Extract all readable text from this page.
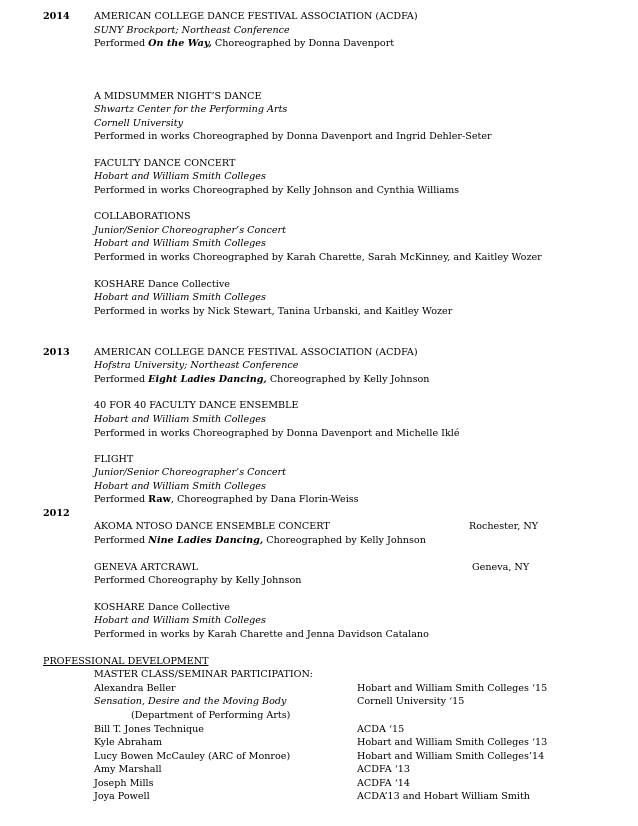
2014	AMERICAN COLLEGE DANCE FESTIVAL ASSOCIATION (ACDFA)
SUNY Brockport; Northeast Conference
Performed On the Way, Choreographed by Donna Davenport
A MIDSUMMER NIGHT’S DANCE
Shwartz Center for the Performing Arts
Cornell University
Performed in works Choreographed by Donna Davenport and Ingrid Dehler-Seter
FACULTY DANCE CONCERT
Hobart and William Smith Colleges
Performed in works Choreographed by Kelly Johnson and Cynthia Williams
COLLABORATIONS
Junior/Senior Choreographer’s Concert
Hobart and William Smith Colleges
Performed in works Choreographed by Karah Charette, Sarah McKinney, and Kaitley Wozer
KOSHARE Dance Collective
Hobart and William Smith Colleges
Performed in works by Nick Stewart, Tanina Urbanski, and Kaitley Wozer
2013	AMERICAN COLLEGE DANCE FESTIVAL ASSOCIATION (ACDFA)
Hofstra University; Northeast Conference
Performed Eight Ladies Dancing, Choreographed by Kelly Johnson
40 FOR 40 FACULTY DANCE ENSEMBLE
Hobart and William Smith Colleges
Performed in works Choreographed by Donna Davenport and Michelle Iklé
FLIGHT
Junior/Senior Choreographer’s Concert
Hobart and William Smith Colleges
Performed Raw, Choreographed by Dana Florin-Weiss
2012
AKOMA NTOSO DANCE ENSEMBLE CONCERT	Rochester, NY
Performed Nine Ladies Dancing, Choreographed by Kelly Johnson
GENEVA ARTCRAWL	Geneva, NY
Performed Choreography by Kelly Johnson
KOSHARE Dance Collective
Hobart and William Smith Colleges
Performed in works by Karah Charette and Jenna Davidson Catalano
PROFESSIONAL DEVELOPMENT
MASTER CLASS/SEMINAR PARTICIPATION:
Alexandra Beller	Hobart and William Smith Colleges ‘15
Sensation, Desire and the Moving Body	Cornell University ‘15
(Department of Performing Arts)
Bill T. Jones Technique	ACDA ‘15
Kyle Abraham	Hobart and William Smith Colleges ‘13
Lucy Bowen McCauley (ARC of Monroe)	Hobart and William Smith Colleges’14
Amy Marshall	ACDFA ‘13
Joseph Mills	ACDFA ‘14
Joya Powell	ACDA’13 and Hobart William Smith
